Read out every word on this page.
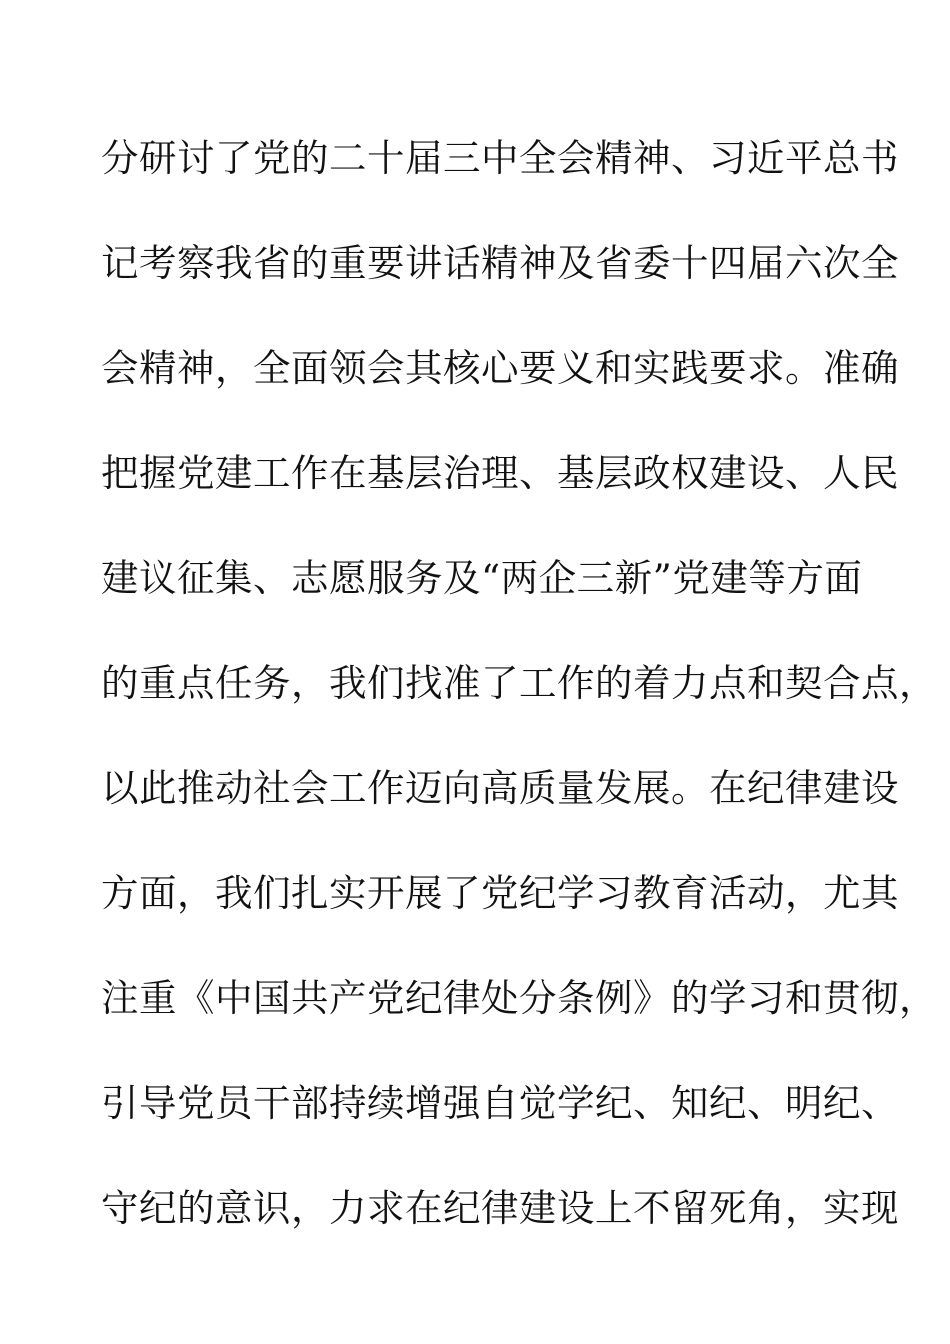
分研讨了党的二十届三中全会精神、习近平总书

记考察我省的重要讲话精神及省委十四届六次全

会精神，全面领会其核心要义和实践要求。准确

把握党建工作在基层治理、基层政权建设、人民

建议征集、志愿服务及“两企三新”党建等方面

的重点任务，我们找准了工作的着力点和契合点，

以此推动社会工作迈向高质量发展。在纪律建设

方面，我们扎实开展了党纪学习教育活动，尤其

注重《中国共产党纪律处分条例》的学习和贯彻，

引导党员干部持续增强自觉学纪、知纪、明纪、

守纪的意识，力求在纪律建设上不留死角，实现
